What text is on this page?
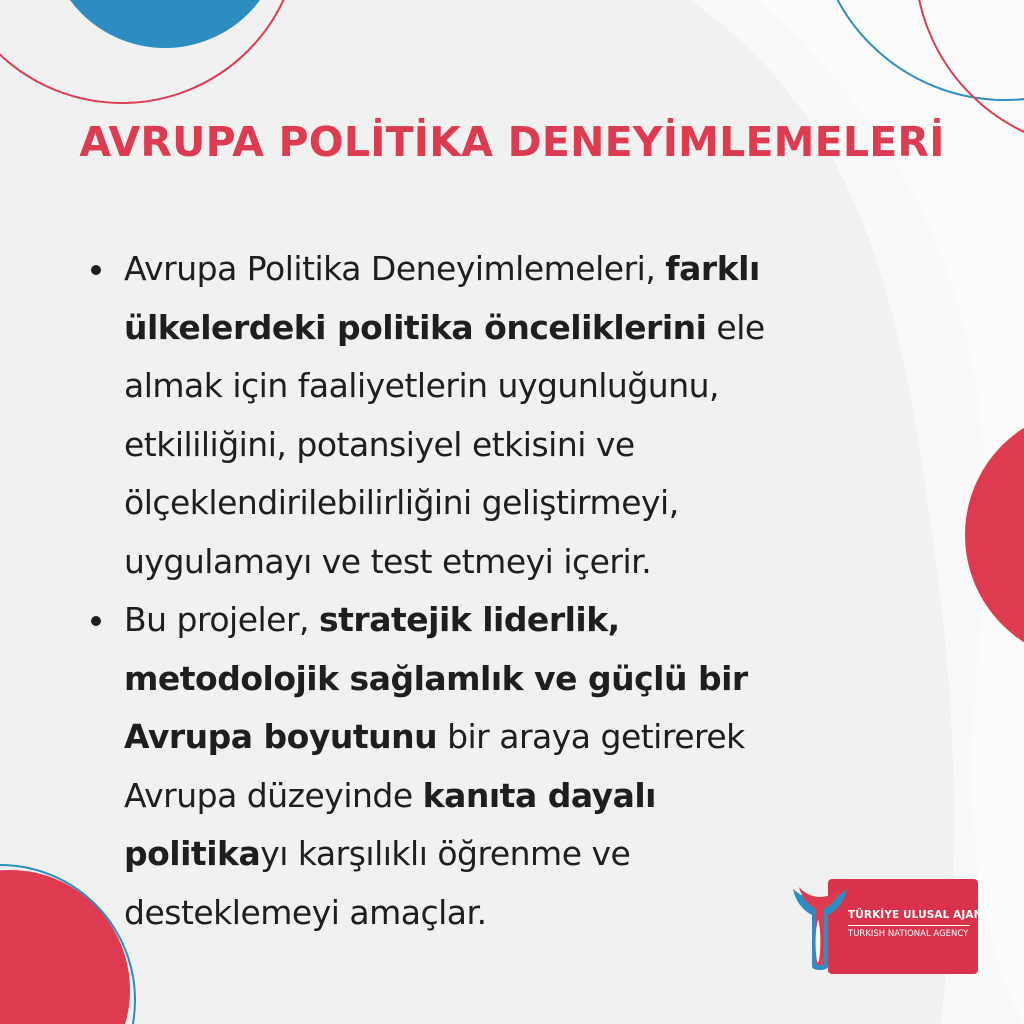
AVRUPA POLİTİKA DENEYİMLEMELERİ
Avrupa Politika Deneyimlemeleri, farklı
ülkelerdeki politika önceliklerini ele
almak için faaliyetlerin uygunluğunu,
etkililiğini, potansiyel etkisini ve
ölçeklendirilebilirliğini geliştirmeyi,
uygulamayı ve test etmeyi içerir.
Bu projeler, stratejik liderlik,
metodolojik sağlamlık ve güçlü bir
Avrupa boyutunu bir araya getirerek
Avrupa düzeyinde kanıta dayalı
politikayı karşılıklı öğrenme ve
desteklemeyi amaçlar.	TÜRKİYE ULUSAL AJANSI
TURKISH NATIONAL AGENCY
